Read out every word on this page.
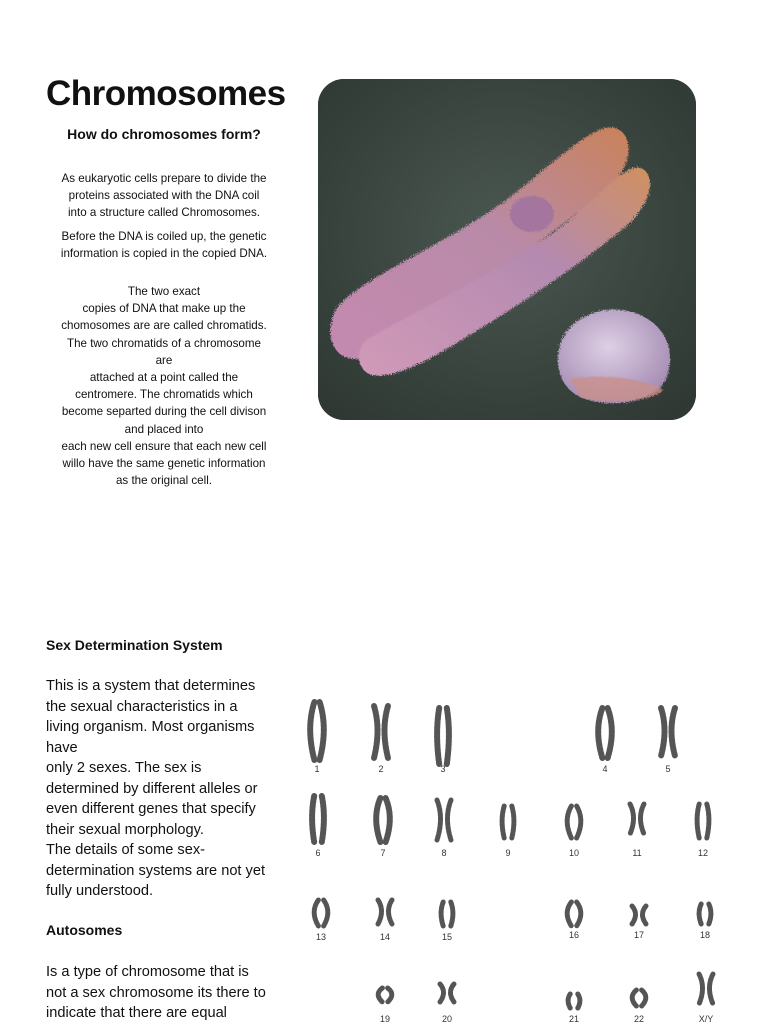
Chromosomes

How do chromosomes form?

As eukaryotic cells prepare to divide the
proteins associated with the DNA coil
into a structure called Chromosomes.

Before the DNA is coiled up, the genetic
information is copied in the copied DNA.

The two exact
copies of DNA that make up the
chomosomes are are called chromatids.
The two chromatids of a chromosome
are
attached at a point called the
centromere. The chromatids which
become separted during the cell divison
and placed into
each new cell ensure that each new cell
willo have the same genetic information
as the original cell.

Sex Determination System

This is a system that determines
the sexual characteristics in a
living organism. Most organisms
have
only 2 sexes. The sex is
determined by different alleles or
even different genes that specify
their sexual morphology.
The details of some sex-
determination systems are not yet
fully understood.

Autosomes

Is a type of chromosome that is
not a sex chromosome its there to
indicate that there are equal

1	2	3	4	5
6	7	8	9	10	11	12
13	14	15	16	17	18
19	20	21	22	X/Y
